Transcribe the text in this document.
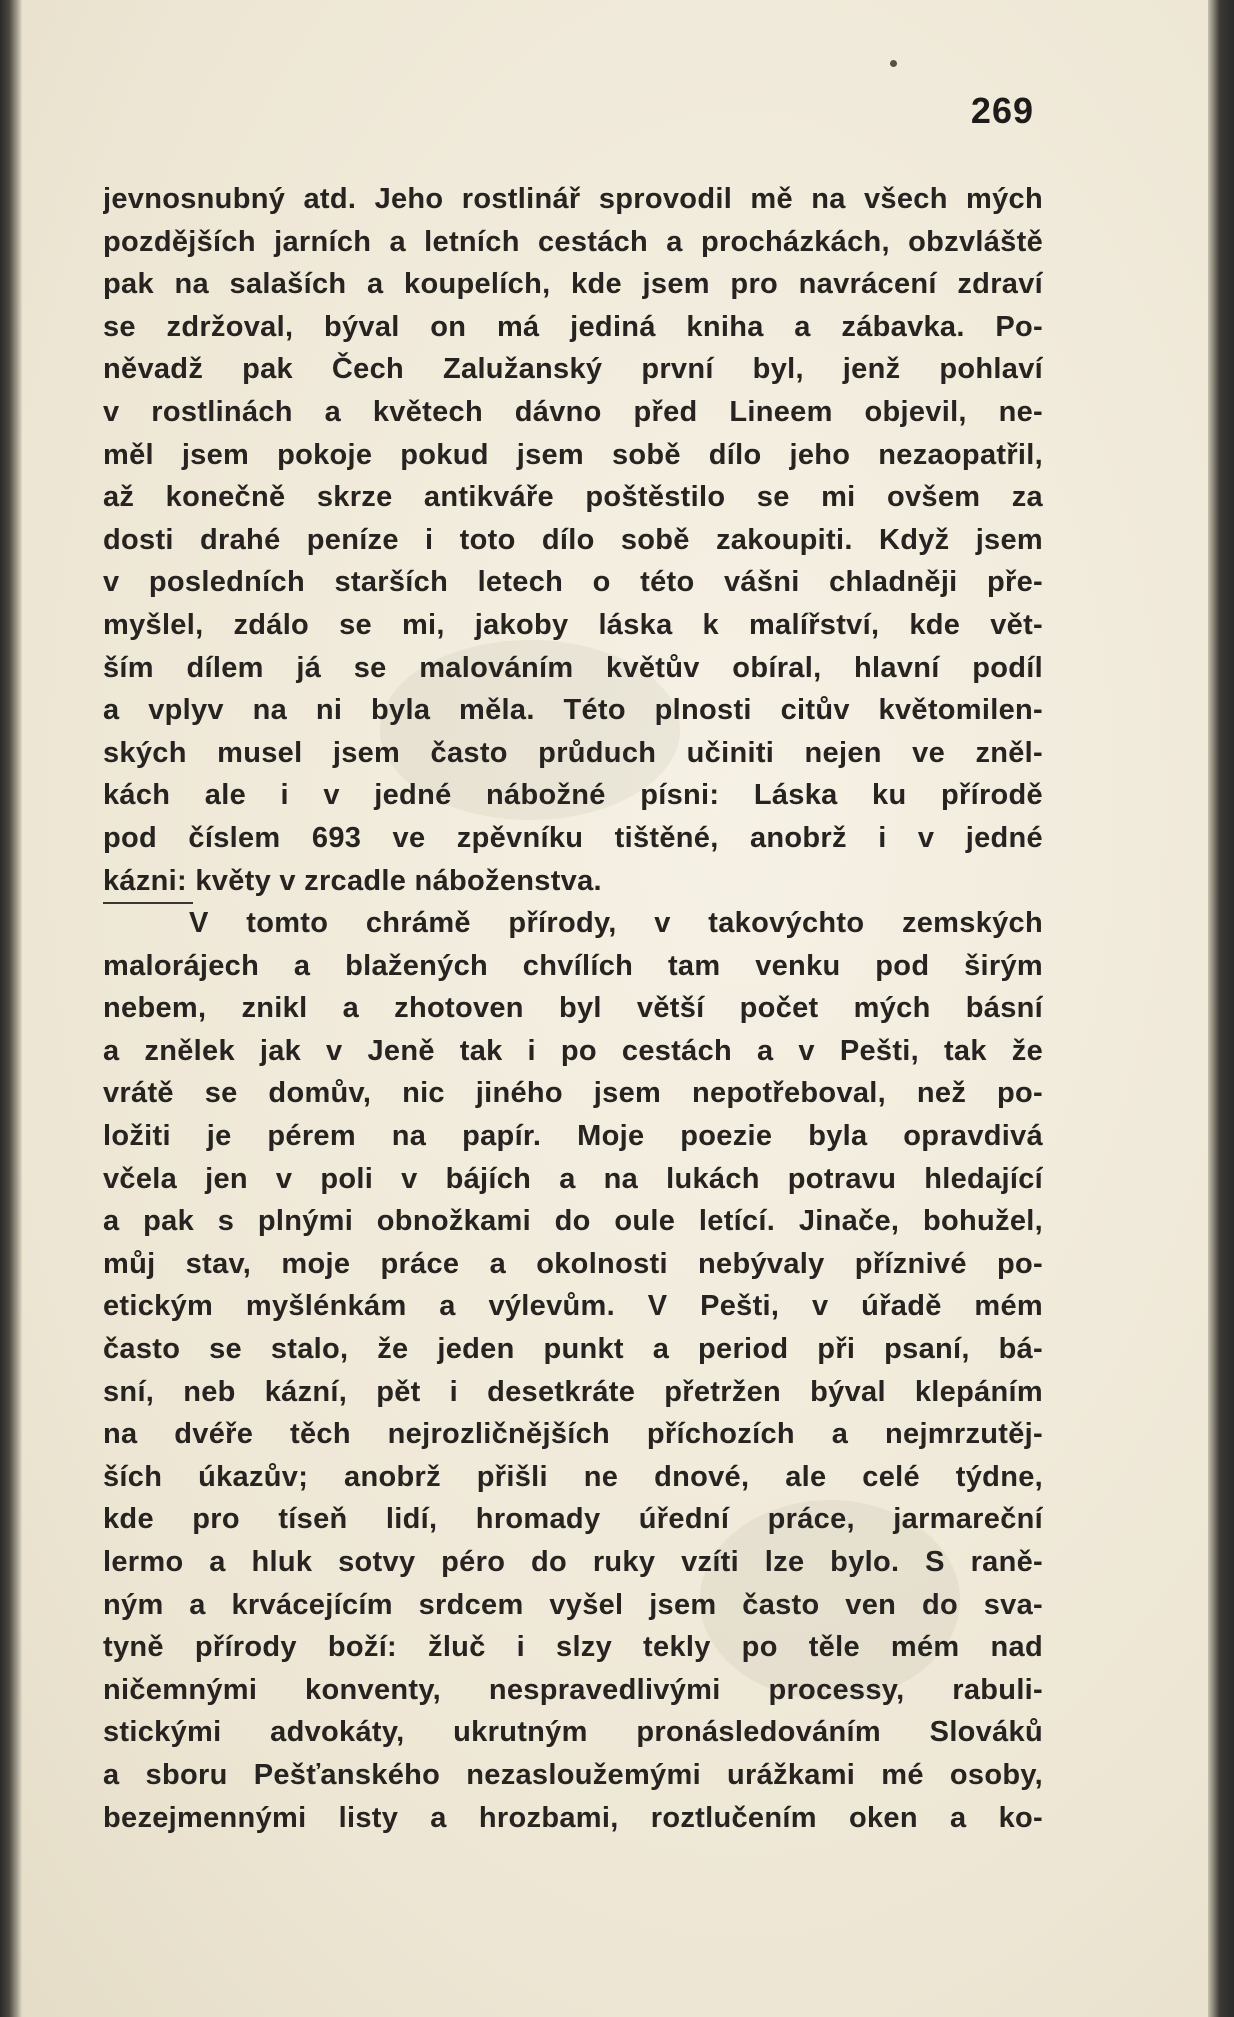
269
jevnosnubný atd. Jeho rostlinář sprovodil mě na všech mých
pozdějších jarních a letních cestách a procházkách, obzvláště
pak na salaších a koupelích, kde jsem pro navrácení zdraví
se zdržoval, býval on má jediná kniha a zábavka. Po-
něvadž pak Čech Zalužanský první byl, jenž pohlaví
v rostlinách a květech dávno před Lineem objevil, ne-
měl jsem pokoje pokud jsem sobě dílo jeho nezaopatřil,
až konečně skrze antikváře poštěstilo se mi ovšem za
dosti drahé peníze i toto dílo sobě zakoupiti. Když jsem
v posledních starších letech o této vášni chladněji pře-
myšlel, zdálo se mi, jakoby láska k malířství, kde vět-
ším dílem já se malováním květův obíral, hlavní podíl
a vplyv na ni byla měla. Této plnosti citův květomilen-
ských musel jsem často průduch učiniti nejen ve zněl-
kách ale i v jedné nábožné písni: Láska ku přírodě
pod číslem 693 ve zpěvníku tištěné, anobrž i v jedné
kázni: květy v zrcadle náboženstva.
V tomto chrámě přírody, v takovýchto zemských
malorájech a blažených chvílích tam venku pod širým
nebem, znikl a zhotoven byl větší počet mých básní
a znělek jak v Jeně tak i po cestách a v Pešti, tak že
vrátě se domův, nic jiného jsem nepotřeboval, než po-
ložiti je pérem na papír. Moje poezie byla opravdivá
včela jen v poli v bájích a na lukách potravu hledající
a pak s plnými obnožkami do oule letící. Jinače, bohužel,
můj stav, moje práce a okolnosti nebývaly příznivé po-
etickým myšlénkám a výlevům. V Pešti, v úřadě mém
často se stalo, že jeden punkt a period při psaní, bá-
sní, neb kázní, pět i desetkráte přetržen býval klepáním
na dvéře těch nejrozličnějších příchozích a nejmrzutěj-
ších úkazův; anobrž přišli ne dnové, ale celé týdne,
kde pro tíseň lidí, hromady úřední práce, jarmareční
lermo a hluk sotvy péro do ruky vzíti lze bylo. S raně-
ným a krvácejícím srdcem vyšel jsem často ven do sva-
tyně přírody boží: žluč i slzy tekly po těle mém nad
ničemnými konventy, nespravedlivými processy, rabuli-
stickými advokáty, ukrutným pronásledováním Slováků
a sboru Pešťanského nezasloužemými urážkami mé osoby,
bezejmennými listy a hrozbami, roztlučením oken a ko-
